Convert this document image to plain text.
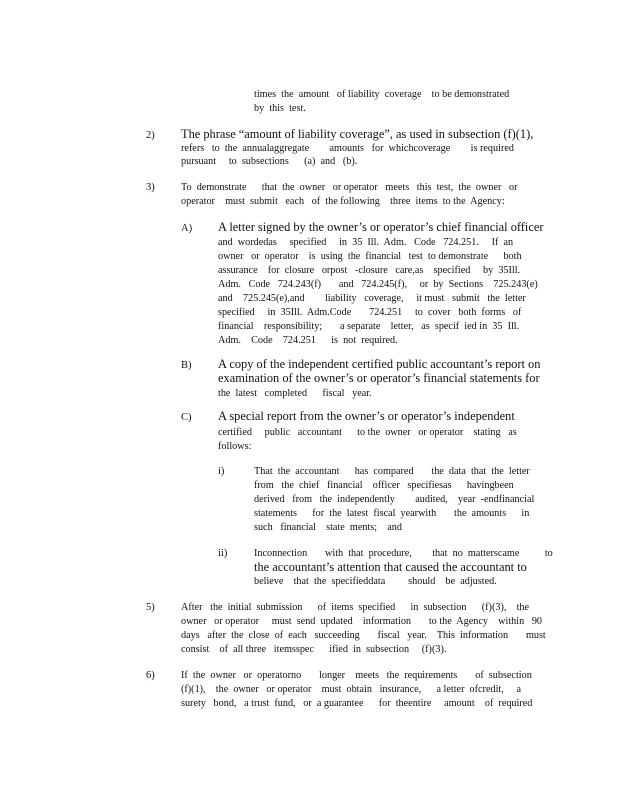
times  the  amount   of liability  coverage    to be demonstrated
by  this  test.
2) The phrase “amount of liability coverage”, as used in subsection (f)(1),
refers   to  the  annualaggregate        amounts   for  whichcoverage        is required
pursuant     to  subsections      (a)  and   (b).
3)	To  demonstrate      that  the  owner   or operator   meets   this  test,  the  owner   or
operator    must  submit   each   of  the following    three  items  to the  Agency:
A) A letter signed by the owner’s or operator’s chief financial officer
and  wordedas     specified     in  35  Ill.  Adm.   Code   724.251.     If  an
owner   or  operator    is  using  the  financial   test  to demonstrate      both
assurance    for  closure   orpost   -closure   care,as    specified     by  35Ill.
Adm.   Code   724.243(f)       and   724.245(f),     or  by  Sections    725.243(e)
and    725.245(e),and        liability   coverage,     it must   submit   the  letter
specified     in  35Ill.  Adm.Code       724.251     to  cover   both  forms   of
financial    responsibility;       a separate    letter,   as  specif  ied in  35  Ill.
Adm.    Code    724.251      is  not  required.
B) A copy of the independent certified public accountant’s report on
examination of the owner’s or operator’s financial statements for
the  latest   completed      fiscal   year.
C) A special report from the owner’s or operator’s independent
certified     public   accountant      to the  owner   or operator    stating   as
follows:
i)	That  the  accountant      has  compared       the  data  that  the  letter
from   the  chief   financial    officer   specifiesas      havingbeen
derived   from   the  independently        audited,    year  -endfinancial
statements      for  the  latest  fiscal  yearwith       the  amounts      in
such   financial    state  ments;    and
ii)	Inconnection       with  that  procedure,        that  no  matterscame          to
the accountant’s attention that caused the accountant to
believe    that  the  specifieddata         should    be  adjusted.
5)	After   the  initial  submission      of  items  specified      in  subsection      (f)(3),    the
owner   or operator     must  send  updated    information       to the  Agency    within   90
days   after  the  close  of  each   succeeding       fiscal   year.    This  information       must
consist    of  all three   itemsspec      ified  in  subsection     (f)(3).
6)	If  the  owner   or  operatorno       longer    meets   the  requirements       of  subsection
(f)(1),    the  owner   or operator    must  obtain   insurance,      a letter  ofcredit,     a
surety   bond,   a trust  fund,   or  a guarantee      for  theentire     amount    of  required
